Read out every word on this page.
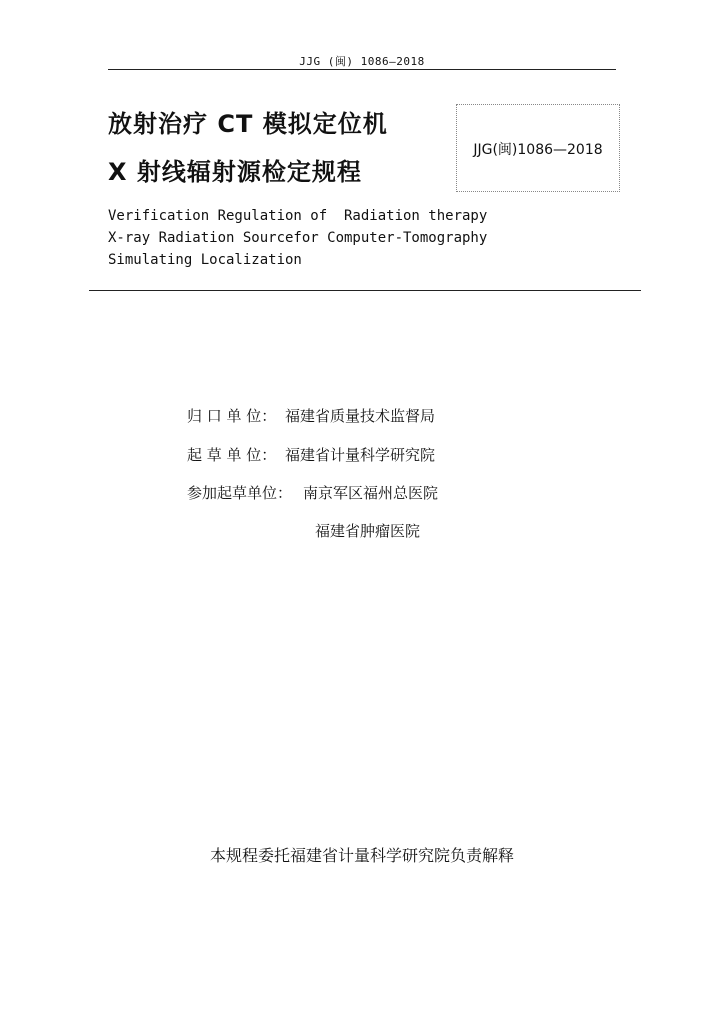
JJG (闽) 1086—2018
放射治疗 CT 模拟定位机
X 射线辐射源检定规程
JJG(闽)1086—2018
Verification Regulation of  Radiation therapy
X-ray Radiation Sourcefor Computer-Tomography
Simulating Localization
归 口 单 位： 福建省质量技术监督局
起 草 单 位： 福建省计量科学研究院
参加起草单位： 南京军区福州总医院
福建省肿瘤医院
本规程委托福建省计量科学研究院负责解释
